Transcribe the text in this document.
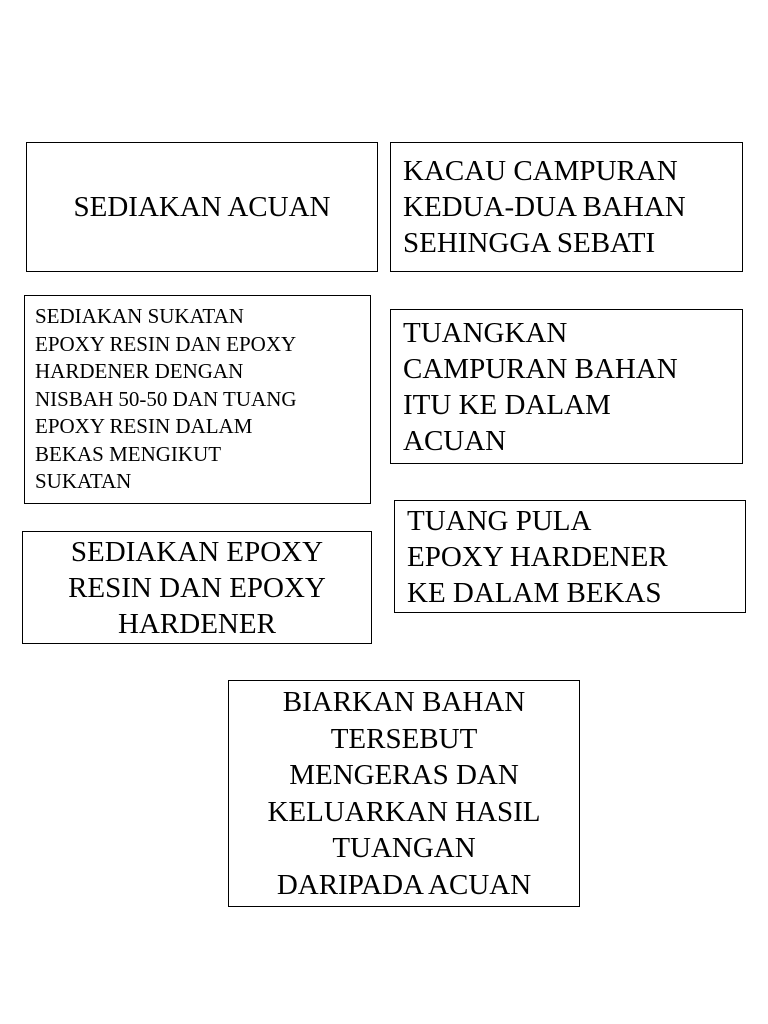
SEDIAKAN ACUAN
KACAU CAMPURAN
KEDUA-DUA BAHAN
SEHINGGA SEBATI
SEDIAKAN SUKATAN
EPOXY RESIN DAN EPOXY
HARDENER DENGAN
NISBAH 50-50 DAN TUANG
EPOXY RESIN DALAM
BEKAS MENGIKUT
SUKATAN
TUANGKAN
CAMPURAN BAHAN
ITU KE DALAM
ACUAN
TUANG PULA
EPOXY HARDENER
KE DALAM BEKAS
SEDIAKAN EPOXY
RESIN DAN EPOXY
HARDENER
BIARKAN BAHAN
TERSEBUT
MENGERAS DAN
KELUARKAN HASIL
TUANGAN
DARIPADA ACUAN
